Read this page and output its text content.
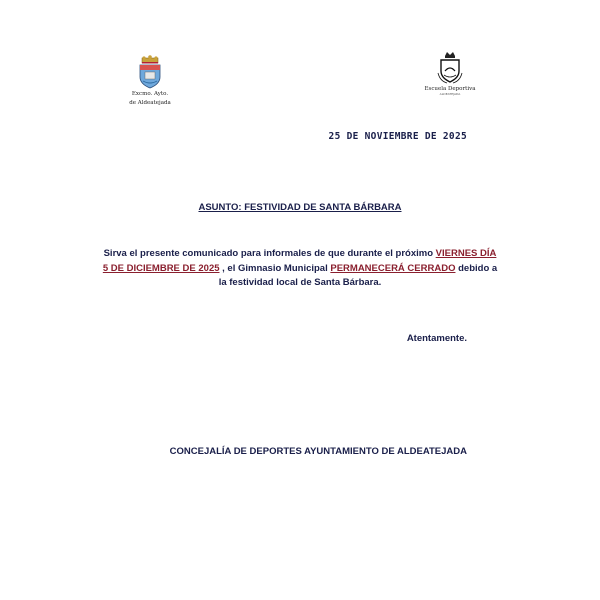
Excmo. Ayto.
de Aldeatejada
Escuela Deportiva
ALDEATEJADA
25 DE NOVIEMBRE DE 2025
ASUNTO: FESTIVIDAD DE SANTA BÁRBARA
Sirva el presente comunicado para informales de que durante el próximo VIERNES DÍA 5 DE DICIEMBRE DE 2025 , el Gimnasio Municipal PERMANECERÁ CERRADO debido a la festividad local de Santa Bárbara.
Atentamente.
CONCEJALÍA DE DEPORTES AYUNTAMIENTO DE ALDEATEJADA
